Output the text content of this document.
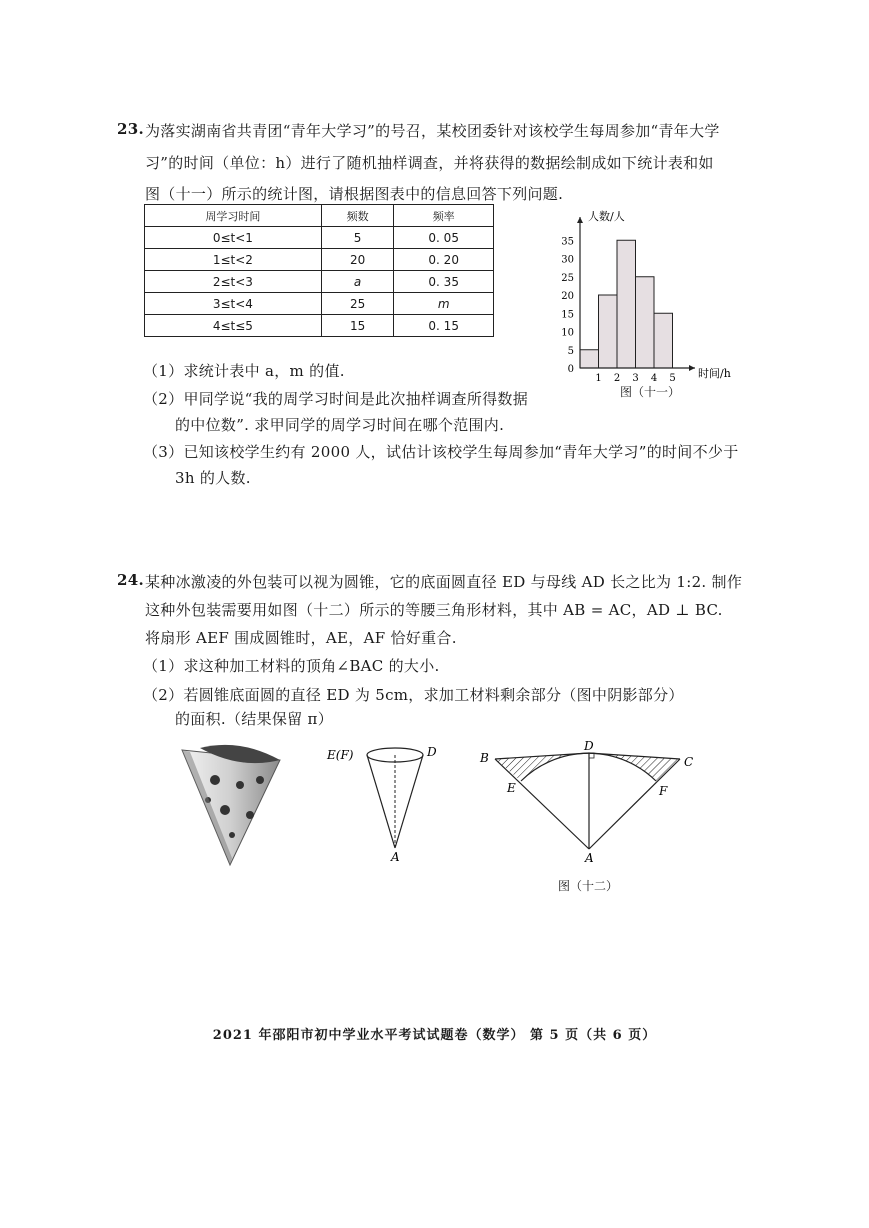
23. 为落实湖南省共青团“青年大学习”的号召，某校团委针对该校学生每周参加“青年大学
习”的时间（单位：h）进行了随机抽样调查，并将获得的数据绘制成如下统计表和如
图（十一）所示的统计图，请根据图表中的信息回答下列问题.
周学习时间	频数	频率
0≤t<1	5	0. 05
1≤t<2	20	0. 20
2≤t<3	a	0. 35
3≤t<4	25	m
4≤t≤5	15	0. 15
0
5
10
15
20
25
30
35
1 2 3 4 5
人数/人
时间/h
图（十一）
（1）求统计表中 a，m 的值.
（2）甲同学说“我的周学习时间是此次抽样调查所得数据
的中位数”. 求甲同学的周学习时间在哪个范围内.
（3）已知该校学生约有 2000 人，试估计该校学生每周参加“青年大学习”的时间不少于
3h 的人数.
24. 某种冰激凌的外包装可以视为圆锥，它的底面圆直径 ED 与母线 AD 长之比为 1:2. 制作
这种外包装需要用如图（十二）所示的等腰三角形材料，其中 AB = AC，AD ⊥ BC.
将扇形 AEF 围成圆锥时，AE，AF 恰好重合.
（1）求这种加工材料的顶角∠BAC 的大小.
（2）若圆锥底面圆的直径 ED 为 5cm，求加工材料剩余部分（图中阴影部分）
的面积.（结果保留 π）
E(F)	D
A
B
D
C
E	F
A
图（十二）
2021 年邵阳市初中学业水平考试试题卷（数学） 第 5 页（共 6 页）
